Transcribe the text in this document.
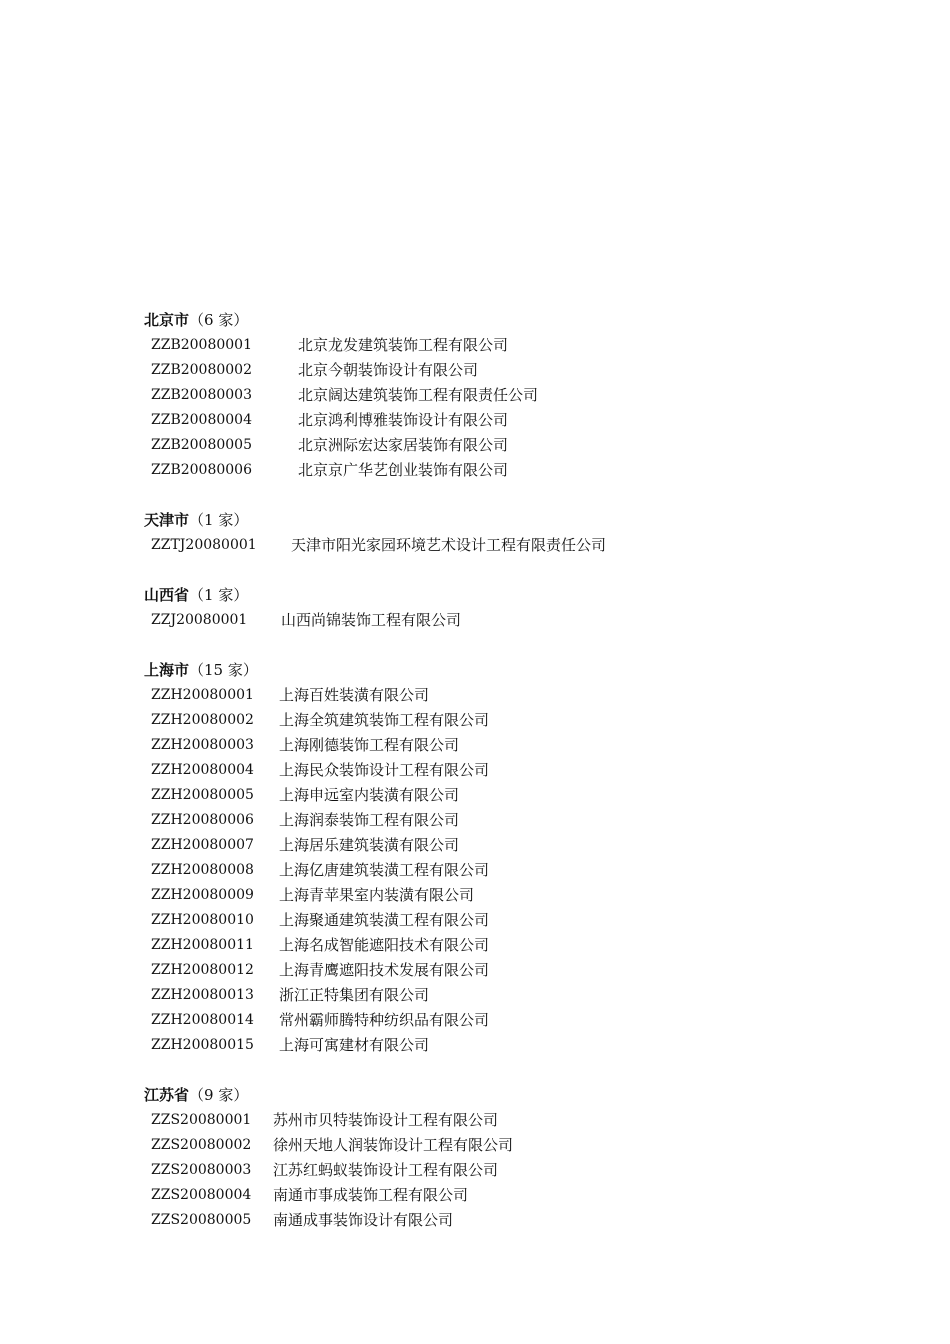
北京市（6 家）
ZZB20080001	北京龙发建筑装饰工程有限公司
ZZB20080002	北京今朝装饰设计有限公司
ZZB20080003	北京阔达建筑装饰工程有限责任公司
ZZB20080004	北京鸿利博雅装饰设计有限公司
ZZB20080005	北京洲际宏达家居装饰有限公司
ZZB20080006	北京京广华艺创业装饰有限公司
天津市（1 家）
ZZTJ20080001	天津市阳光家园环境艺术设计工程有限责任公司
山西省（1 家）
ZZJ20080001	山西尚锦装饰工程有限公司
上海市（15 家）
ZZH20080001	上海百姓装潢有限公司
ZZH20080002	上海全筑建筑装饰工程有限公司
ZZH20080003	上海刚德装饰工程有限公司
ZZH20080004	上海民众装饰设计工程有限公司
ZZH20080005	上海申远室内装潢有限公司
ZZH20080006	上海润泰装饰工程有限公司
ZZH20080007	上海居乐建筑装潢有限公司
ZZH20080008	上海亿唐建筑装潢工程有限公司
ZZH20080009	上海青苹果室内装潢有限公司
ZZH20080010	上海聚通建筑装潢工程有限公司
ZZH20080011	上海名成智能遮阳技术有限公司
ZZH20080012	上海青鹰遮阳技术发展有限公司
ZZH20080013	浙江正特集团有限公司
ZZH20080014	常州霸师腾特种纺织品有限公司
ZZH20080015	上海可寓建材有限公司
江苏省（9 家）
ZZS20080001	苏州市贝特装饰设计工程有限公司
ZZS20080002	徐州天地人润装饰设计工程有限公司
ZZS20080003	江苏红蚂蚁装饰设计工程有限公司
ZZS20080004	南通市事成装饰工程有限公司
ZZS20080005	南通成事装饰设计有限公司
